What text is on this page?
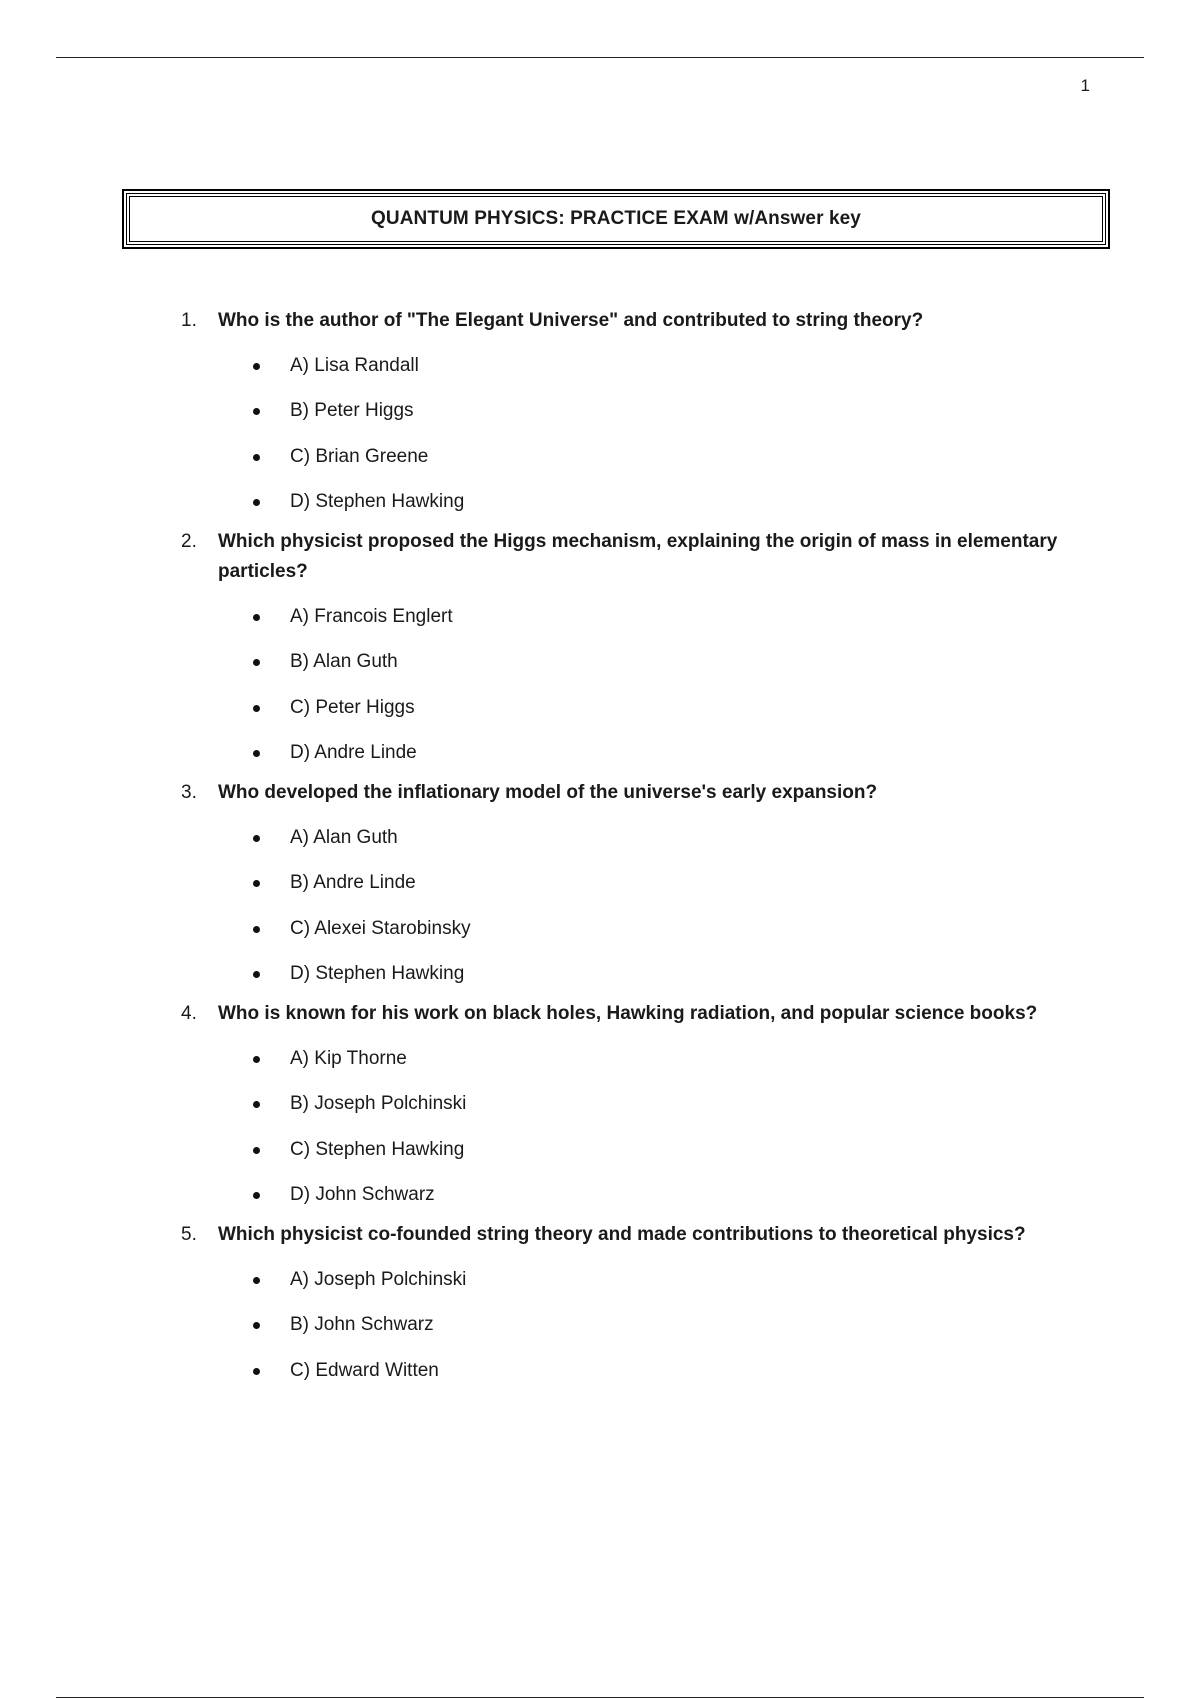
1
QUANTUM PHYSICS: PRACTICE EXAM w/Answer key
1. Who is the author of "The Elegant Universe" and contributed to string theory?
A) Lisa Randall
B) Peter Higgs
C) Brian Greene
D) Stephen Hawking
2. Which physicist proposed the Higgs mechanism, explaining the origin of mass in elementary particles?
A) Francois Englert
B) Alan Guth
C) Peter Higgs
D) Andre Linde
3. Who developed the inflationary model of the universe's early expansion?
A) Alan Guth
B) Andre Linde
C) Alexei Starobinsky
D) Stephen Hawking
4. Who is known for his work on black holes, Hawking radiation, and popular science books?
A) Kip Thorne
B) Joseph Polchinski
C) Stephen Hawking
D) John Schwarz
5. Which physicist co-founded string theory and made contributions to theoretical physics?
A) Joseph Polchinski
B) John Schwarz
C) Edward Witten
